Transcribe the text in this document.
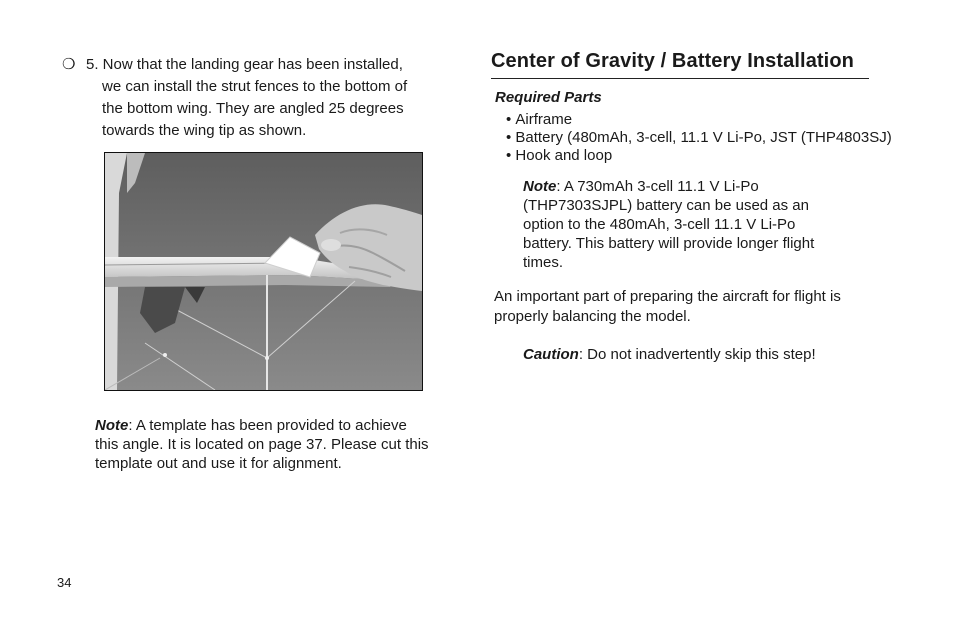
❍ 5. Now that the landing gear has been installed,
we can install the strut fences to the bottom of the bottom wing. They are angled 25 degrees towards the wing tip as shown.
Note: A template has been provided to achieve this angle. It is located on page 37. Please cut this template out and use it for alignment.
Center of Gravity / Battery Installation
Required Parts
• Airframe
• Battery (480mAh, 3-cell, 11.1 V Li-Po, JST (THP4803SJ)
• Hook and loop
Note: A 730mAh 3-cell 11.1 V Li-Po (THP7303SJPL) battery can be used as an option to the 480mAh, 3-cell 11.1 V Li-Po battery. This battery will provide longer flight times.
An important part of preparing the aircraft for flight is properly balancing the model.
Caution: Do not inadvertently skip this step!
34
